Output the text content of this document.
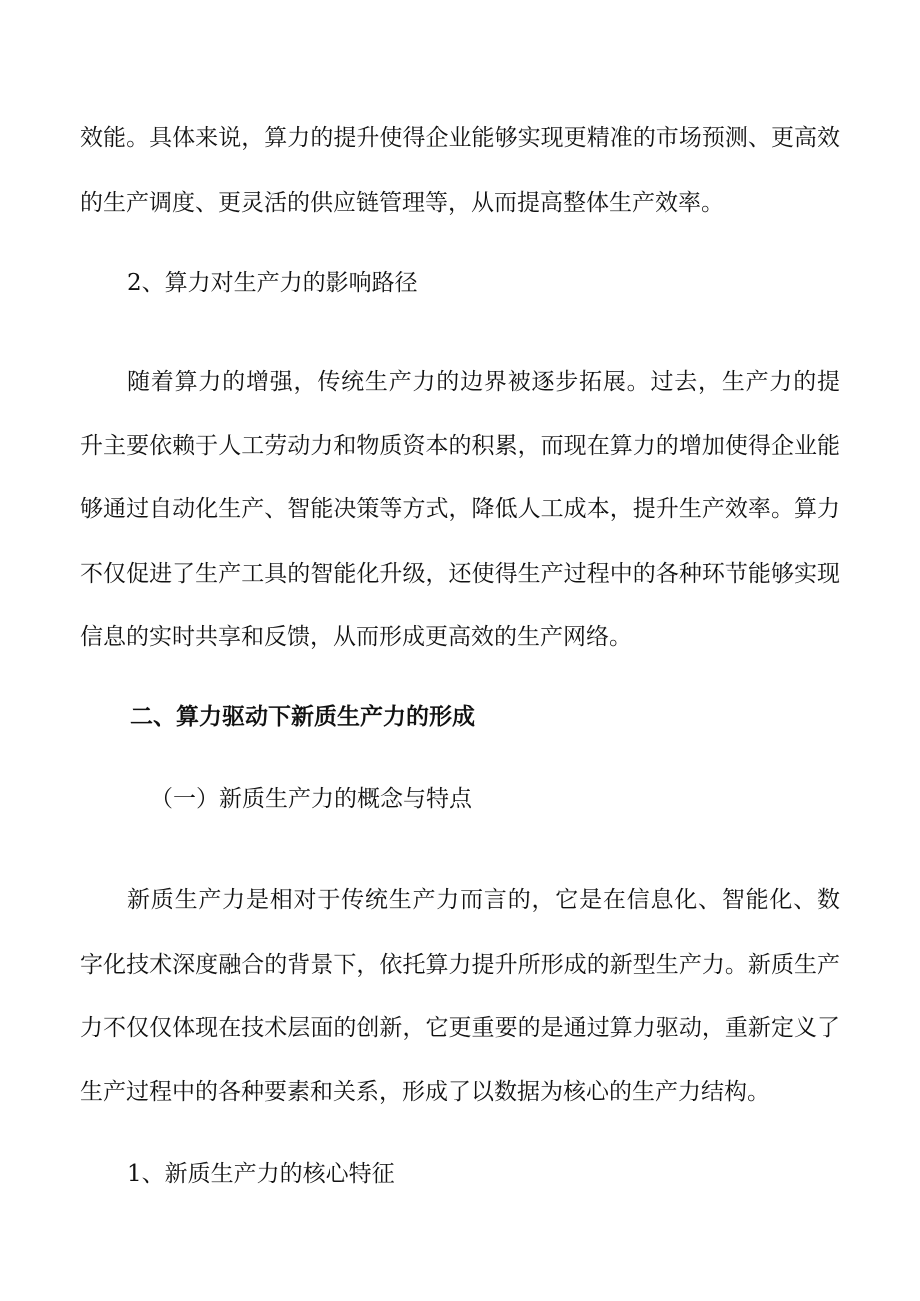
效能。具体来说，算力的提升使得企业能够实现更精准的市场预测、更高效
的生产调度、更灵活的供应链管理等，从而提高整体生产效率。
2、算力对生产力的影响路径
随着算力的增强，传统生产力的边界被逐步拓展。过去，生产力的提
升主要依赖于人工劳动力和物质资本的积累，而现在算力的增加使得企业能
够通过自动化生产、智能决策等方式，降低人工成本，提升生产效率。算力
不仅促进了生产工具的智能化升级，还使得生产过程中的各种环节能够实现
信息的实时共享和反馈，从而形成更高效的生产网络。
二、算力驱动下新质生产力的形成
（一）新质生产力的概念与特点
新质生产力是相对于传统生产力而言的，它是在信息化、智能化、数
字化技术深度融合的背景下，依托算力提升所形成的新型生产力。新质生产
力不仅仅体现在技术层面的创新，它更重要的是通过算力驱动，重新定义了
生产过程中的各种要素和关系，形成了以数据为核心的生产力结构。
1、新质生产力的核心特征
